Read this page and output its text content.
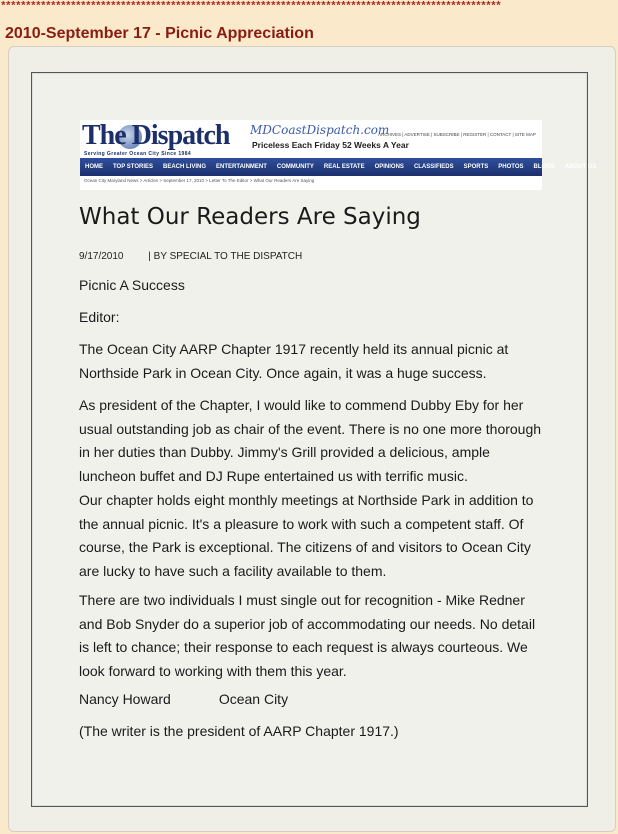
****************************************************************************************************
2010-September 17 - Picnic Appreciation
The Dispatch
Serving Greater Ocean City Since 1984
MDCoastDispatch.com
Priceless Each Friday 52 Weeks A Year
ARCHIVES | ADVERTISE | SUBSCRIBE | REGISTER | CONTACT | SITE MAP
HOME	TOP STORIES	BEACH LIVING	ENTERTAINMENT	COMMUNITY	REAL ESTATE	OPINIONS	CLASSIFIEDS	SPORTS	PHOTOS	BLOGS	ABOUT US
Ocean City Maryland News > Articles > September 17, 2010 > Letter To The Editor > What Our Readers Are Saying
What Our Readers Are Saying
9/17/2010 | BY SPECIAL TO THE DISPATCH

Picnic A Success

Editor:

The Ocean City AARP Chapter 1917 recently held its annual picnic at Northside Park in Ocean City. Once again, it was a huge success.

As president of the Chapter, I would like to commend Dubby Eby for her usual outstanding job as chair of the event. There is no one more thorough in her duties than Dubby. Jimmy's Grill provided a delicious, ample luncheon buffet and DJ Rupe entertained us with terrific music.

Our chapter holds eight monthly meetings at Northside Park in addition to the annual picnic. It's a pleasure to work with such a competent staff. Of course, the Park is exceptional. The citizens of and visitors to Ocean City are lucky to have such a facility available to them.

There are two individuals I must single out for recognition - Mike Redner and Bob Snyder do a superior job of accommodating our needs. No detail is left to chance; their response to each request is always courteous. We look forward to working with them this year.

Nancy Howard	Ocean City

(The writer is the president of AARP Chapter 1917.)
